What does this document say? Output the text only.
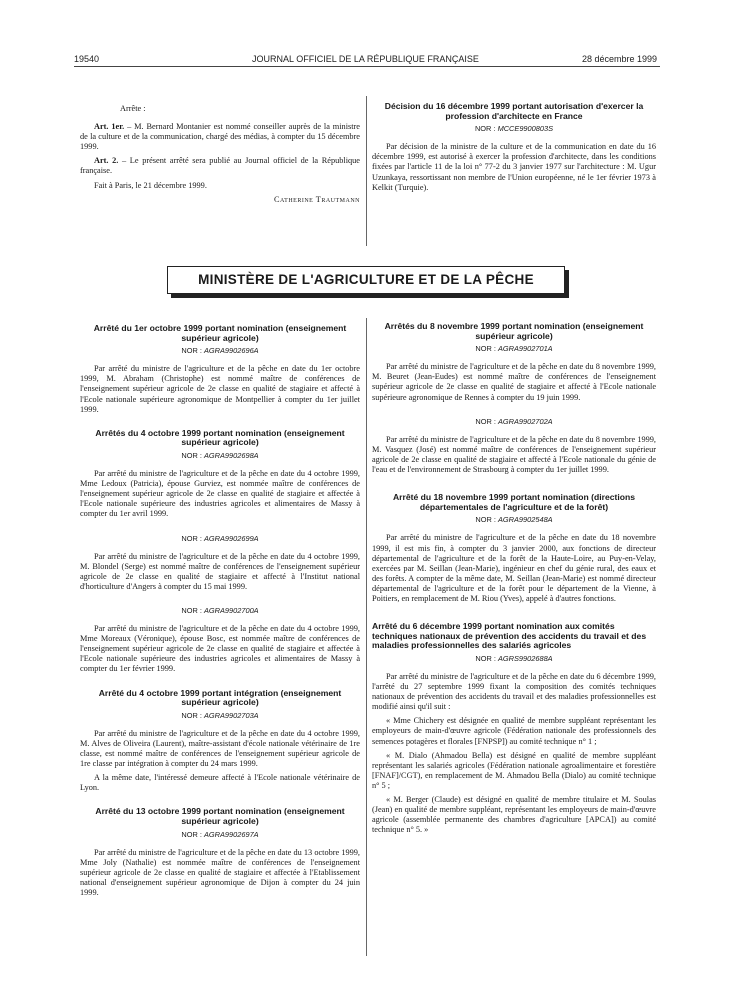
19540	JOURNAL OFFICIEL DE LA RÉPUBLIQUE FRANÇAISE	28 décembre 1999

Arrête :

Art. 1er. – M. Bernard Montanier est nommé conseiller auprès de la ministre de la culture et de la communication, chargé des médias, à compter du 15 décembre 1999.

Art. 2. – Le présent arrêté sera publié au Journal officiel de la République française.

Fait à Paris, le 21 décembre 1999.

Catherine Trautmann

Décision du 16 décembre 1999 portant autorisation d'exercer la profession d'architecte en France
NOR : MCCE9900803S

Par décision de la ministre de la culture et de la communication en date du 16 décembre 1999, est autorisé à exercer la profession d'architecte, dans les conditions fixées par l'article 11 de la loi n° 77-2 du 3 janvier 1977 sur l'architecture : M. Ugur Uzunkaya, ressortissant non membre de l'Union européenne, né le 1er février 1973 à Kelkit (Turquie).

MINISTÈRE DE L'AGRICULTURE ET DE LA PÊCHE
Arrêté du 1er octobre 1999 portant nomination (enseignement supérieur agricole)
NOR : AGRA9902696A

Par arrêté du ministre de l'agriculture et de la pêche en date du 1er octobre 1999, M. Abraham (Christophe) est nommé maître de conférences de l'enseignement supérieur agricole de 2e classe en qualité de stagiaire et affecté à l'Ecole nationale supérieure agronomique de Montpellier à compter du 1er juillet 1999.

Arrêtés du 4 octobre 1999 portant nomination (enseignement supérieur agricole)
NOR : AGRA9902698A

Par arrêté du ministre de l'agriculture et de la pêche en date du 4 octobre 1999, Mme Ledoux (Patricia), épouse Gurviez, est nommée maître de conférences de l'enseignement supérieur agricole de 2e classe en qualité de stagiaire et affectée à l'Ecole nationale supérieure des industries agricoles et alimentaires de Massy à compter du 1er avril 1999.

NOR : AGRA9902699A

Par arrêté du ministre de l'agriculture et de la pêche en date du 4 octobre 1999, M. Blondel (Serge) est nommé maître de conférences de l'enseignement supérieur agricole de 2e classe en qualité de stagiaire et affecté à l'Institut national d'horticulture d'Angers à compter du 15 mai 1999.

NOR : AGRA9902700A

Par arrêté du ministre de l'agriculture et de la pêche en date du 4 octobre 1999, Mme Moreaux (Véronique), épouse Bosc, est nommée maître de conférences de l'enseignement supérieur agricole de 2e classe en qualité de stagiaire et affectée à l'Ecole nationale supérieure des industries agricoles et alimentaires de Massy à compter du 1er février 1999.

Arrêté du 4 octobre 1999 portant intégration (enseignement supérieur agricole)
NOR : AGRA9902703A

Par arrêté du ministre de l'agriculture et de la pêche en date du 4 octobre 1999, M. Alves de Oliveira (Laurent), maître-assistant d'école nationale vétérinaire de 1re classe, est nommé maître de conférences de l'enseignement supérieur agricole de 1re classe par intégration à compter du 24 mars 1999.

A la même date, l'intéressé demeure affecté à l'Ecole nationale vétérinaire de Lyon.

Arrêté du 13 octobre 1999 portant nomination (enseignement supérieur agricole)
NOR : AGRA9902697A

Par arrêté du ministre de l'agriculture et de la pêche en date du 13 octobre 1999, Mme Joly (Nathalie) est nommée maître de conférences de l'enseignement supérieur agricole de 2e classe en qualité de stagiaire et affectée à l'Etablissement national d'enseignement supérieur agronomique de Dijon à compter du 24 juin 1999.

Arrêtés du 8 novembre 1999 portant nomination (enseignement supérieur agricole)
NOR : AGRA9902701A

Par arrêté du ministre de l'agriculture et de la pêche en date du 8 novembre 1999, M. Beuret (Jean-Eudes) est nommé maître de conférences de l'enseignement supérieur agricole de 2e classe en qualité de stagiaire et affecté à l'Ecole nationale supérieure agronomique de Rennes à compter du 19 juin 1999.

NOR : AGRA9902702A

Par arrêté du ministre de l'agriculture et de la pêche en date du 8 novembre 1999, M. Vasquez (José) est nommé maître de conférences de l'enseignement supérieur agricole de 2e classe en qualité de stagiaire et affecté à l'Ecole nationale du génie de l'eau et de l'environnement de Strasbourg à compter du 1er juillet 1999.

Arrêté du 18 novembre 1999 portant nomination (directions départementales de l'agriculture et de la forêt)
NOR : AGRA9902548A

Par arrêté du ministre de l'agriculture et de la pêche en date du 18 novembre 1999, il est mis fin, à compter du 3 janvier 2000, aux fonctions de directeur départemental de l'agriculture et de la forêt de la Haute-Loire, au Puy-en-Velay, exercées par M. Seillan (Jean-Marie), ingénieur en chef du génie rural, des eaux et des forêts. A compter de la même date, M. Seillan (Jean-Marie) est nommé directeur départemental de l'agriculture et de la forêt pour le département de la Vienne, à Poitiers, en remplacement de M. Riou (Yves), appelé à d'autres fonctions.

Arrêté du 6 décembre 1999 portant nomination aux comités techniques nationaux de prévention des accidents du travail et des maladies professionnelles des salariés agricoles
NOR : AGRS9902688A

Par arrêté du ministre de l'agriculture et de la pêche en date du 6 décembre 1999, l'arrêté du 27 septembre 1999 fixant la composition des comités techniques nationaux de prévention des accidents du travail et des maladies professionnelles est modifié ainsi qu'il suit :

« Mme Chichery est désignée en qualité de membre suppléant représentant les employeurs de main-d'œuvre agricole (Fédération nationale des professionnels des semences potagères et florales [FNPSP]) au comité technique n° 1 ;

« M. Dialo (Ahmadou Bella) est désigné en qualité de membre suppléant représentant les salariés agricoles (Fédération nationale agroalimentaire et forestière [FNAF]/CGT), en remplacement de M. Ahmadou Bella (Dialo) au comité technique n° 5 ;

« M. Berger (Claude) est désigné en qualité de membre titulaire et M. Soulas (Jean) en qualité de membre suppléant, représentant les employeurs de main-d'œuvre agricole (assemblée permanente des chambres d'agriculture [APCA]) au comité technique n° 5. »
